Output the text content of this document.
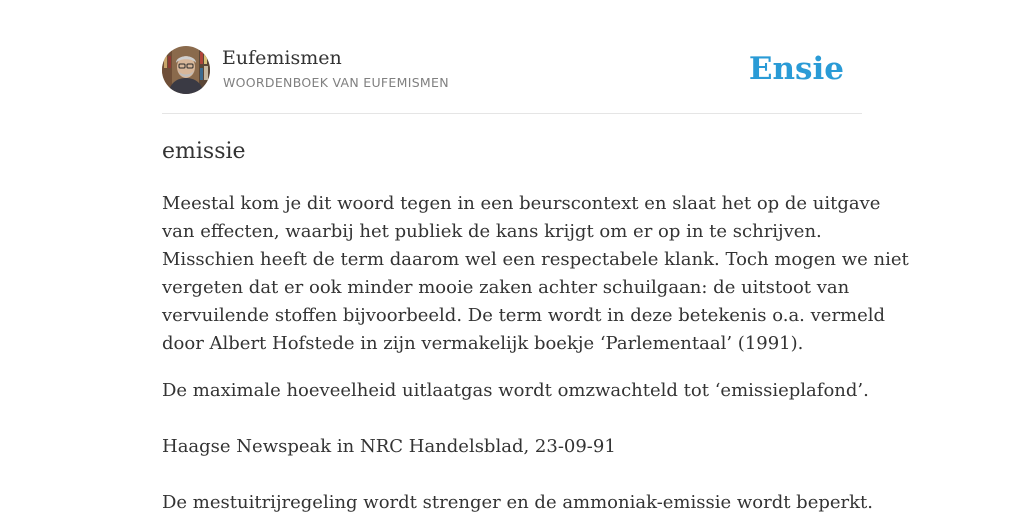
Eufemismen
WOORDENBOEK VAN EUFEMISMEN	Ensie
emissie

Meestal kom je dit woord tegen in een beurscontext en slaat het op de uitgave
van effecten, waarbij het publiek de kans krijgt om er op in te schrijven.
Misschien heeft de term daarom wel een respectabele klank. Toch mogen we niet
vergeten dat er ook minder mooie zaken achter schuilgaan: de uitstoot van
vervuilende stoffen bijvoorbeeld. De term wordt in deze betekenis o.a. vermeld
door Albert Hofstede in zijn vermakelijk boekje ‘Parlementaal’ (1991).

De maximale hoeveelheid uitlaatgas wordt omzwachteld tot ‘emissieplafond’.

Haagse Newspeak in NRC Handelsblad, 23-09-91

De mestuitrijregeling wordt strenger en de ammoniak-emissie wordt beperkt.
